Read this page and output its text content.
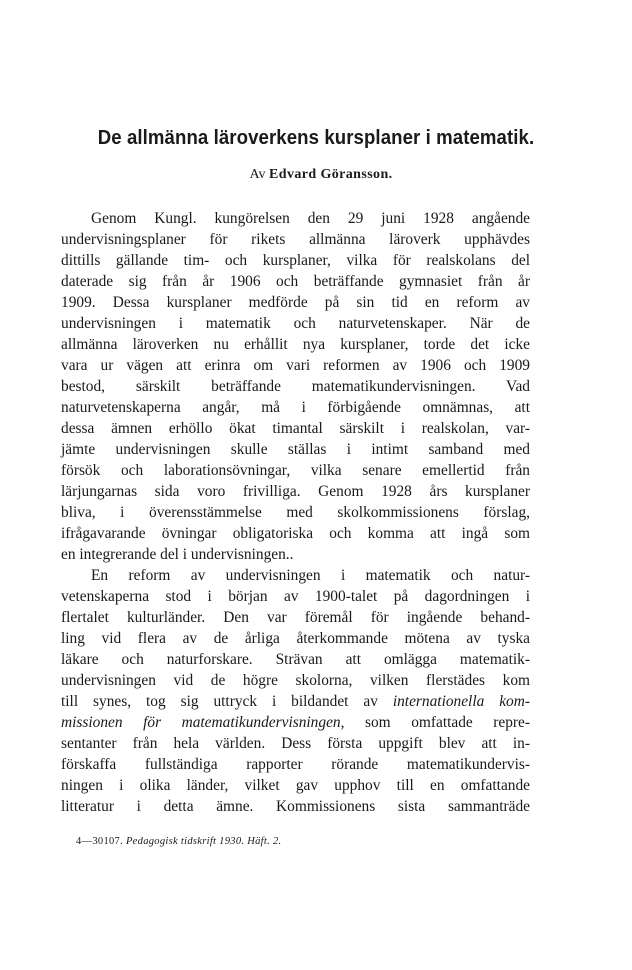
De allmänna läroverkens kursplaner i matematik.

Av Edvard Göransson.

Genom Kungl. kungörelsen den 29 juni 1928 angående
undervisningsplaner för rikets allmänna läroverk upphävdes
dittills gällande tim- och kursplaner, vilka för realskolans del
daterade sig från år 1906 och beträffande gymnasiet från år
1909. Dessa kursplaner medförde på sin tid en reform av
undervisningen i matematik och naturvetenskaper. När de
allmänna läroverken nu erhållit nya kursplaner, torde det icke
vara ur vägen att erinra om vari reformen av 1906 och 1909
bestod, särskilt beträffande matematikundervisningen. Vad
naturvetenskaperna angår, må i förbigående omnämnas, att
dessa ämnen erhöllo ökat timantal särskilt i realskolan, var-
jämte undervisningen skulle ställas i intimt samband med
försök och laborationsövningar, vilka senare emellertid från
lärjungarnas sida voro frivilliga. Genom 1928 års kursplaner
bliva, i överensstämmelse med skolkommissionens förslag,
ifrågavarande övningar obligatoriska och komma att ingå som
en integrerande del i undervisningen..
En reform av undervisningen i matematik och natur-
vetenskaperna stod i början av 1900-talet på dagordningen i
flertalet kulturländer. Den var föremål för ingående behand-
ling vid flera av de årliga återkommande mötena av tyska
läkare och naturforskare. Strävan att omlägga matematik-
undervisningen vid de högre skolorna, vilken flerstädes kom
till synes, tog sig uttryck i bildandet av internationella kom-
missionen för matematikundervisningen, som omfattade repre-
sentanter från hela världen. Dess första uppgift blev att in-
förskaffa fullständiga rapporter rörande matematikundervis-
ningen i olika länder, vilket gav upphov till en omfattande
litteratur i detta ämne. Kommissionens sista sammanträde

4—30107. Pedagogisk tidskrift 1930. Häft. 2.
